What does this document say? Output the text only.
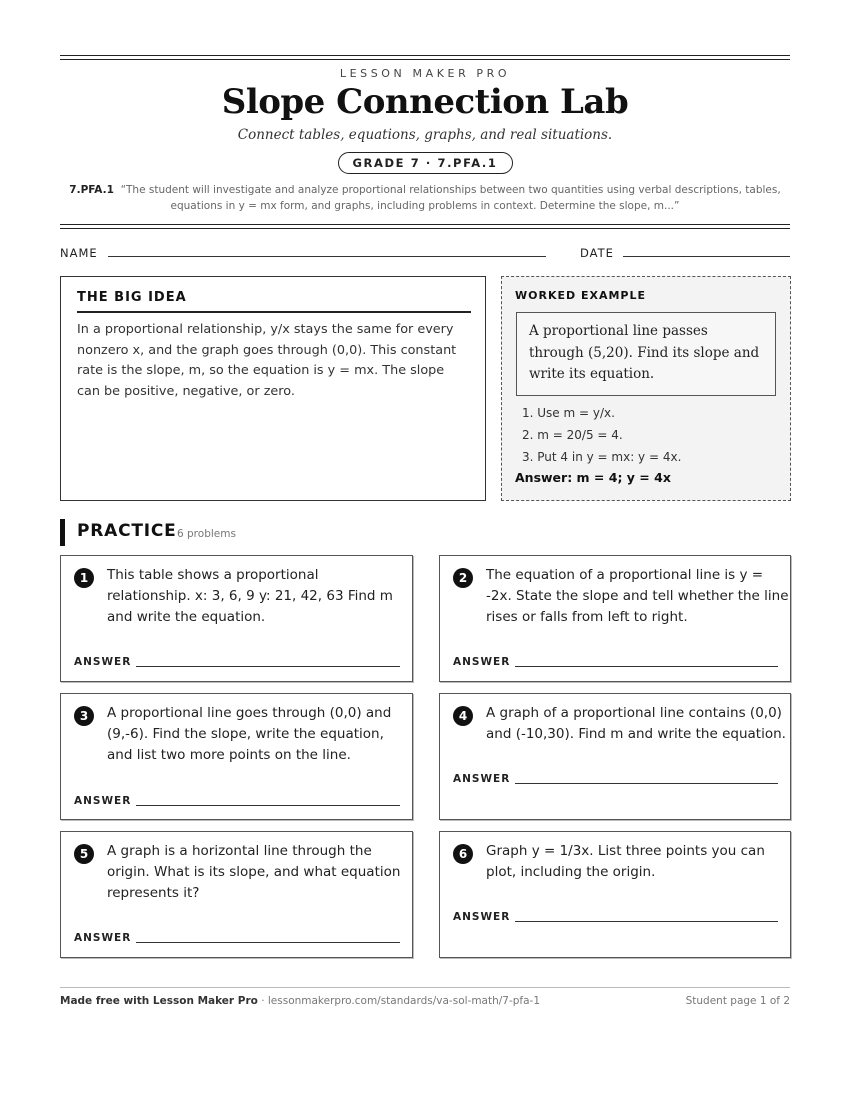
LESSON MAKER PRO
Slope Connection Lab
Connect tables, equations, graphs, and real situations.
GRADE 7 · 7.PFA.1
7.PFA.1 “The student will investigate and analyze proportional relationships between two quantities using verbal descriptions, tables, equations in y = mx form, and graphs, including problems in context. Determine the slope, m...”
NAME	DATE
THE BIG IDEA
In a proportional relationship, y/x stays the same for every nonzero x, and the graph goes through (0,0). This constant rate is the slope, m, so the equation is y = mx. The slope can be positive, negative, or zero.
WORKED EXAMPLE
A proportional line passes through (5,20). Find its slope and write its equation.
1. Use m = y/x.
2. m = 20/5 = 4.
3. Put 4 in y = mx: y = 4x.
Answer: m = 4; y = 4x
PRACTICE 6 problems
1	This table shows a proportional
relationship. x: 3, 6, 9 y: 21, 42, 63 Find m
and write the equation.
ANSWER
2	The equation of a proportional line is y =
-2x. State the slope and tell whether the line
rises or falls from left to right.
ANSWER
3	A proportional line goes through (0,0) and
(9,-6). Find the slope, write the equation,
and list two more points on the line.
ANSWER
4	A graph of a proportional line contains (0,0)
and (-10,30). Find m and write the equation.
ANSWER
5	A graph is a horizontal line through the
origin. What is its slope, and what equation
represents it?
ANSWER
6	Graph y = 1/3x. List three points you can
plot, including the origin.
ANSWER
Made free with Lesson Maker Pro · lessonmakerpro.com/standards/va-sol-math/7-pfa-1	Student page 1 of 2
